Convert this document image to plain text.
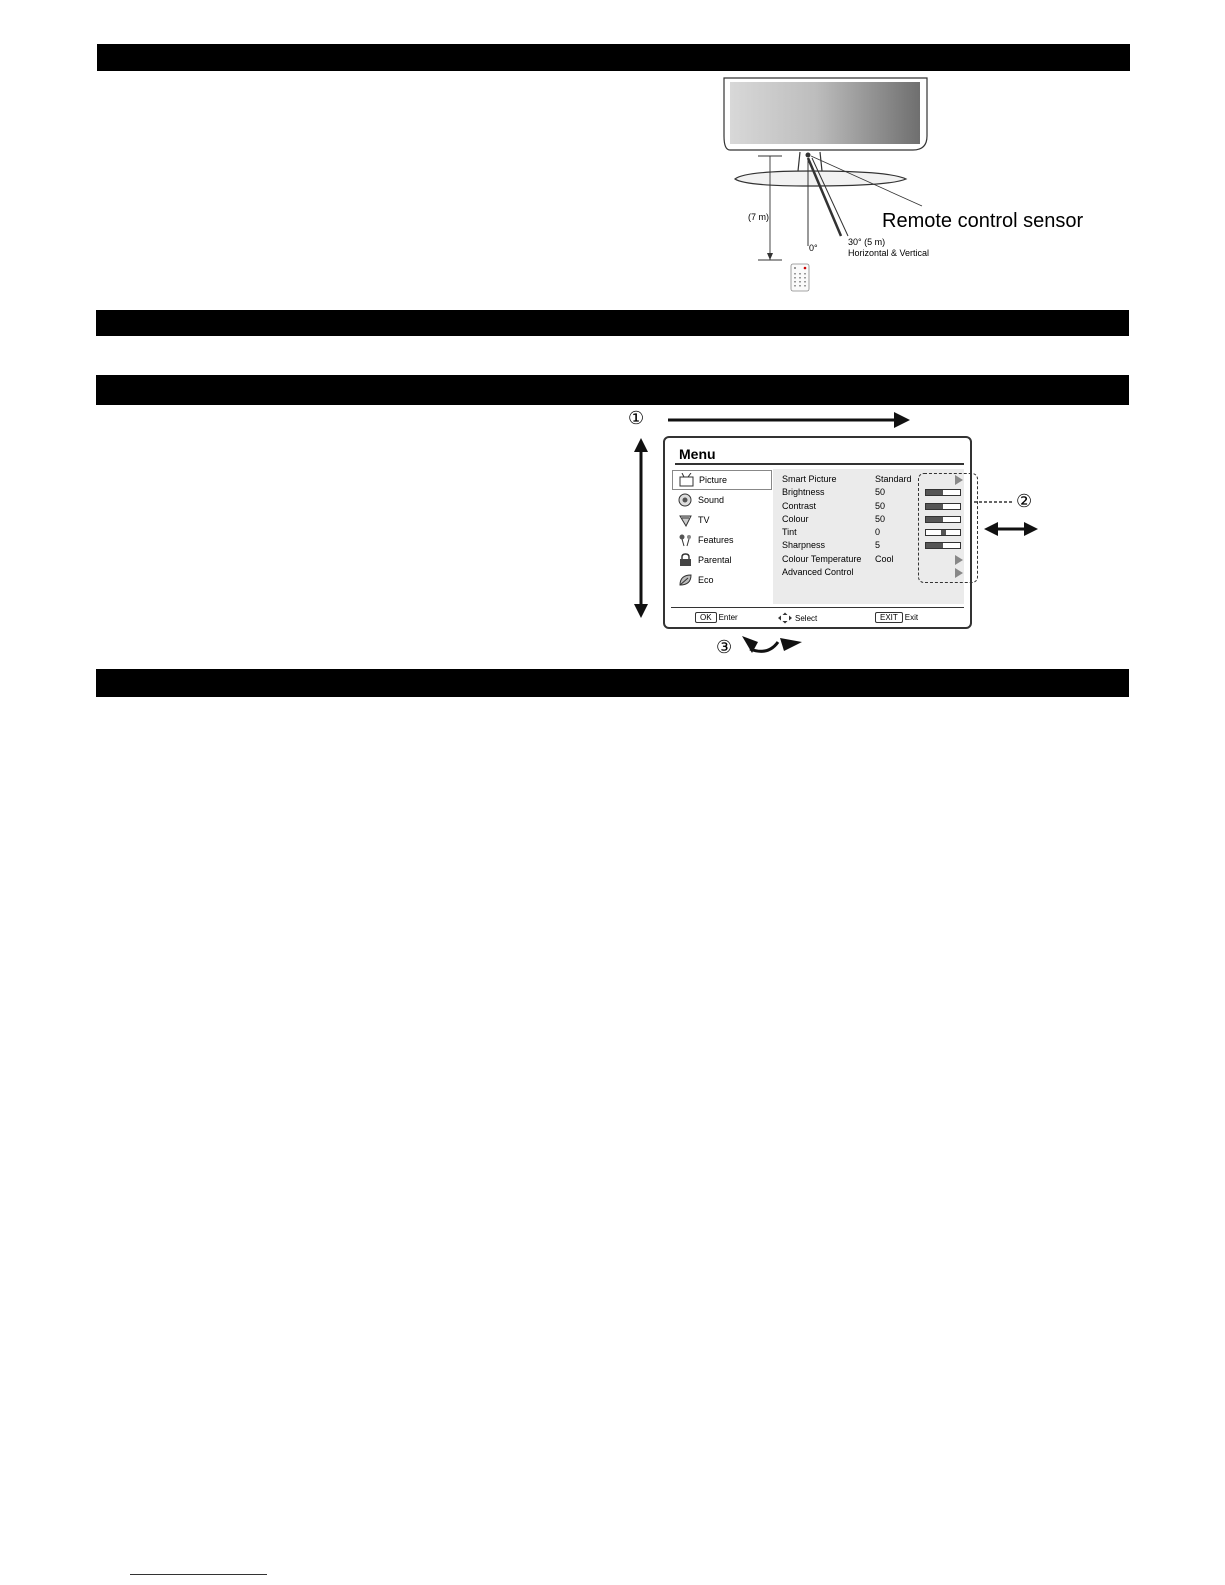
Remote control sensor
(7 m)
0°
30° (5 m)
Horizontal & Vertical
①
②
③
Menu
Picture
Sound
TV
Features
Parental
Eco
Smart Picture	Standard
Brightness	50
Contrast	50
Colour	50
Tint	0
Sharpness	5
Colour Temperature Cool
Advanced Control
OK Enter	Select	EXIT Exit
